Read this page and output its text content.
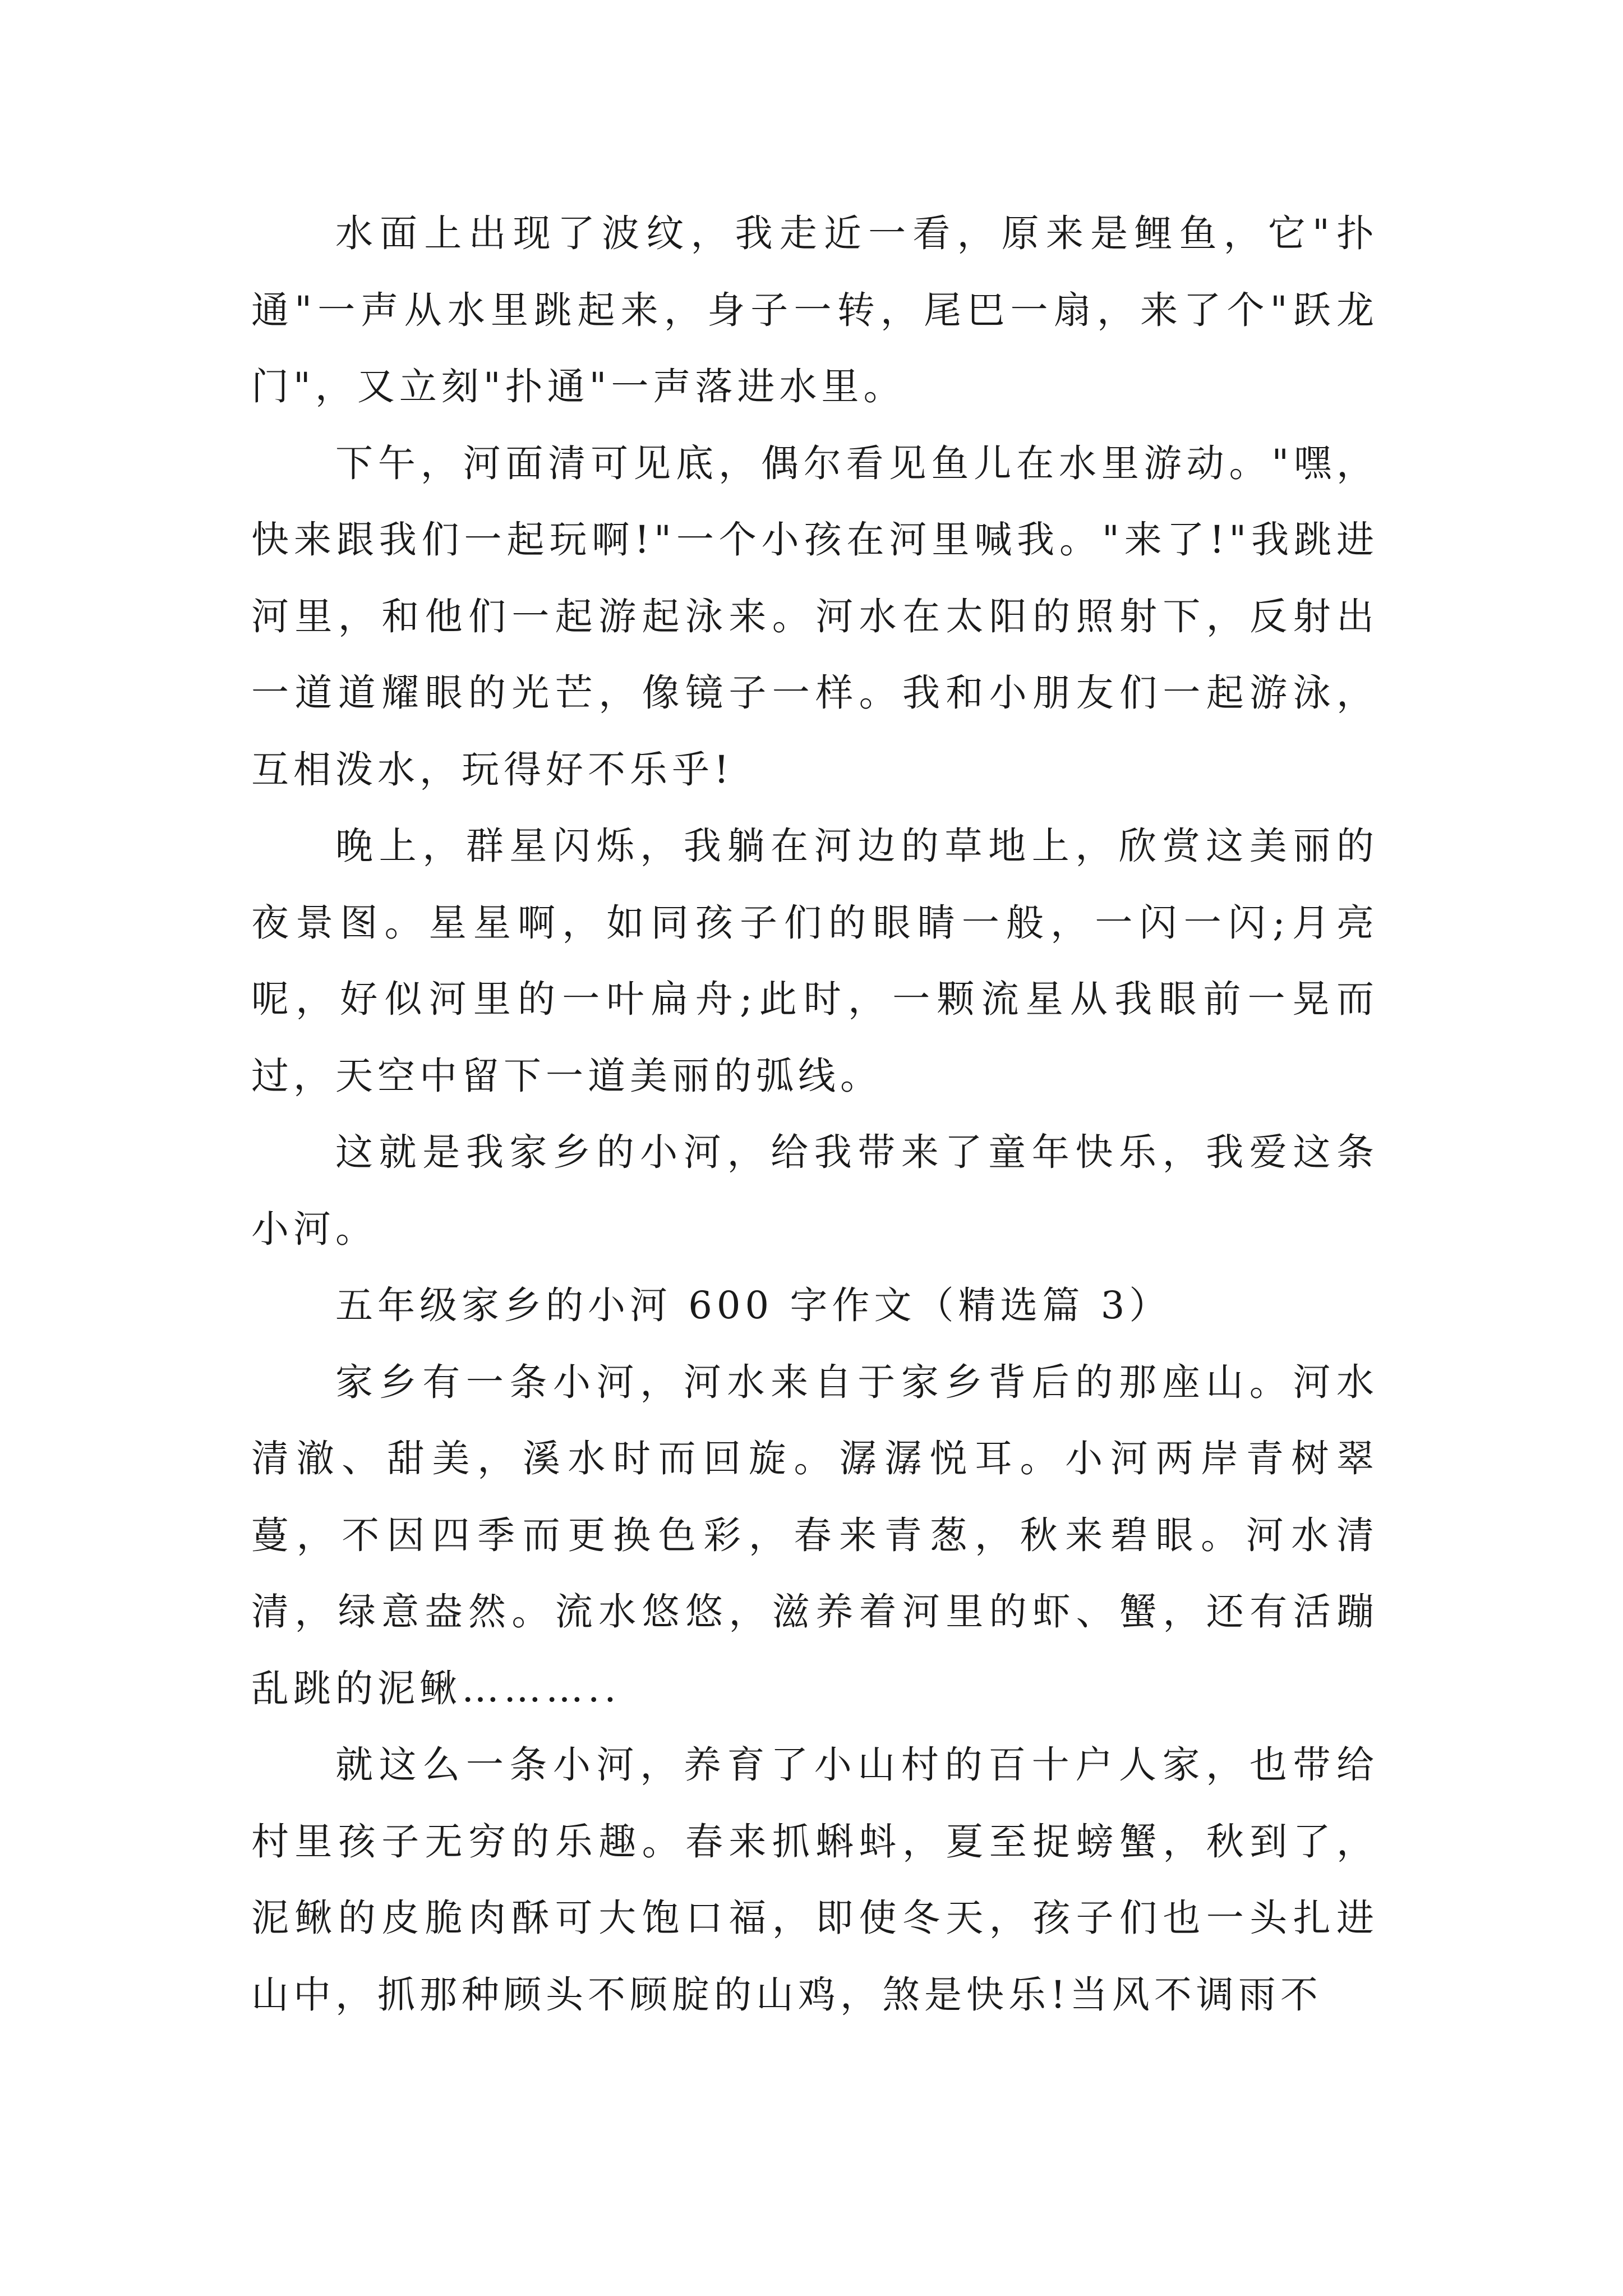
水面上出现了波纹，我走近一看，原来是鲤鱼，它"扑通"一声从水里跳起来，身子一转，尾巴一扇，来了个"跃龙门"，又立刻"扑通"一声落进水里。

下午，河面清可见底，偶尔看见鱼儿在水里游动。"嘿，快来跟我们一起玩啊!"一个小孩在河里喊我。"来了!"我跳进河里，和他们一起游起泳来。河水在太阳的照射下，反射出一道道耀眼的光芒，像镜子一样。我和小朋友们一起游泳，互相泼水，玩得好不乐乎!

晚上，群星闪烁，我躺在河边的草地上，欣赏这美丽的夜景图。星星啊，如同孩子们的眼睛一般，一闪一闪;月亮呢，好似河里的一叶扁舟;此时，一颗流星从我眼前一晃而过，天空中留下一道美丽的弧线。

这就是我家乡的小河，给我带来了童年快乐，我爱这条小河。

五年级家乡的小河 600 字作文（精选篇 3）

家乡有一条小河，河水来自于家乡背后的那座山。河水清澈、甜美，溪水时而回旋。潺潺悦耳。小河两岸青树翠蔓，不因四季而更换色彩，春来青葱，秋来碧眼。河水清清，绿意盎然。流水悠悠，滋养着河里的虾、蟹，还有活蹦乱跳的泥鳅………..

就这么一条小河，养育了小山村的百十户人家，也带给村里孩子无穷的乐趣。春来抓蝌蚪，夏至捉螃蟹，秋到了，泥鳅的皮脆肉酥可大饱口福，即使冬天，孩子们也一头扎进山中，抓那种顾头不顾腚的山鸡，煞是快乐!当风不调雨不
